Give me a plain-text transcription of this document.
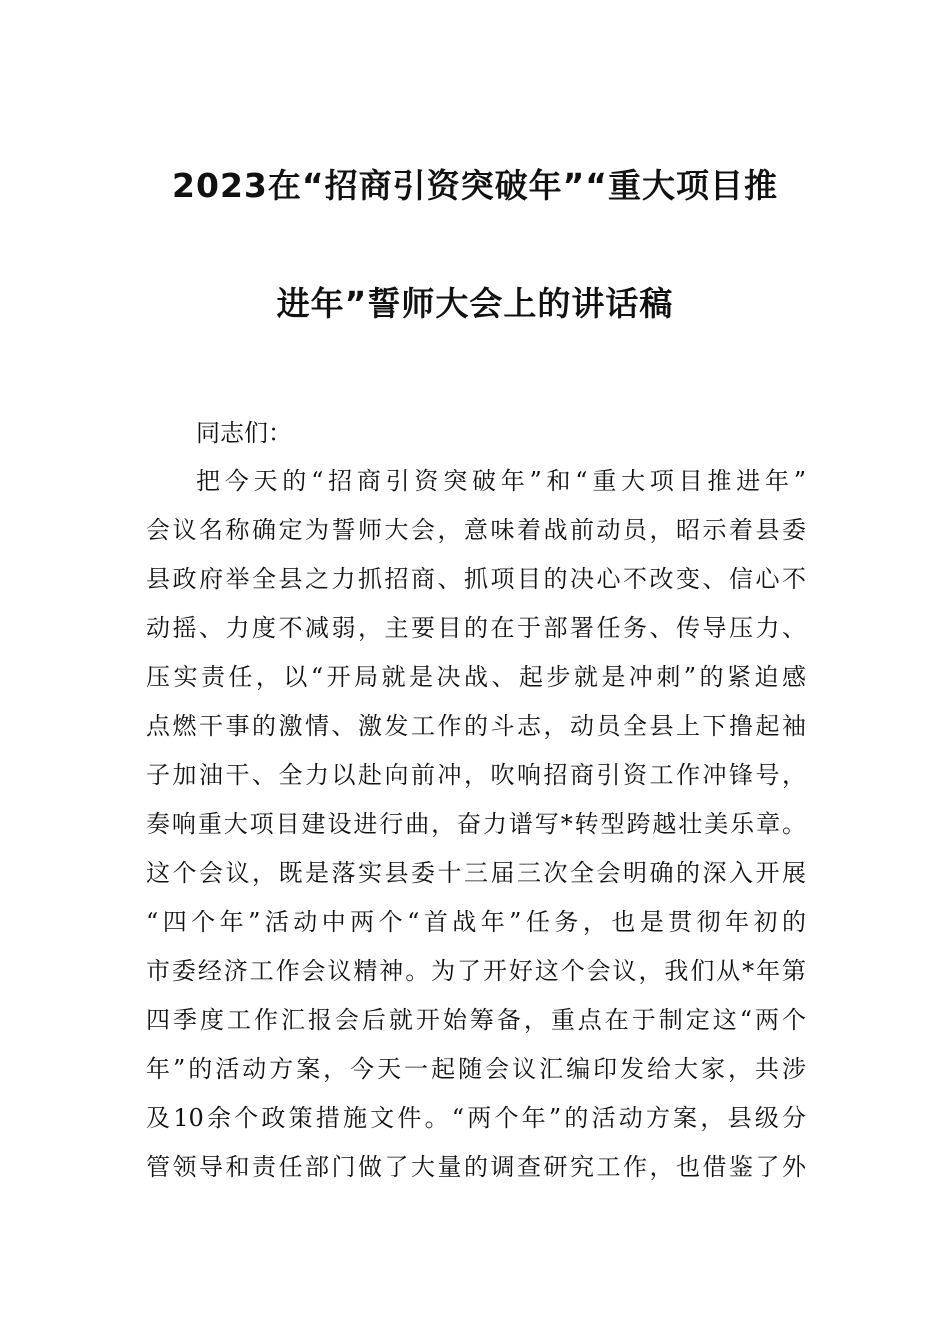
2023在“招商引资突破年”“重大项目推
进年”誓师大会上的讲话稿
同志们：
把今天的“招商引资突破年”和“重大项目推进年”
会议名称确定为誓师大会，意味着战前动员，昭示着县委
县政府举全县之力抓招商、抓项目的决心不改变、信心不
动摇、力度不减弱，主要目的在于部署任务、传导压力、
压实责任，以“开局就是决战、起步就是冲刺”的紧迫感
点燃干事的激情、激发工作的斗志，动员全县上下撸起袖
子加油干、全力以赴向前冲，吹响招商引资工作冲锋号，
奏响重大项目建设进行曲，奋力谱写*转型跨越壮美乐章。
这个会议，既是落实县委十三届三次全会明确的深入开展
“四个年”活动中两个“首战年”任务，也是贯彻年初的
市委经济工作会议精神。为了开好这个会议，我们从*年第
四季度工作汇报会后就开始筹备，重点在于制定这“两个
年”的活动方案，今天一起随会议汇编印发给大家，共涉
及10余个政策措施文件。“两个年”的活动方案，县级分
管领导和责任部门做了大量的调查研究工作，也借鉴了外
